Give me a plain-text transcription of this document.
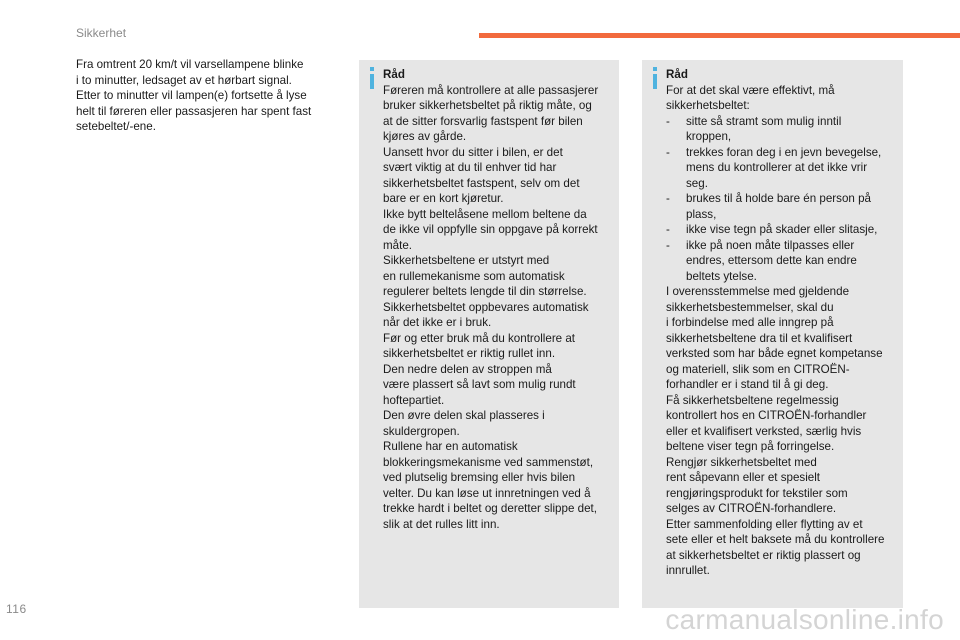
Sikkerhet

Fra omtrent 20 km/t vil varsellampene blinke

i to minutter, ledsaget av et hørbart signal.

Etter to minutter vil lampen(e) fortsette å lyse

helt til føreren eller passasjeren har spent fast

setebeltet/-ene.

Råd

Føreren må kontrollere at alle passasjerer

bruker sikkerhetsbeltet på riktig måte, og

at de sitter forsvarlig fastspent før bilen

kjøres av gårde.

Uansett hvor du sitter i bilen, er det

svært viktig at du til enhver tid har

sikkerhetsbeltet fastspent, selv om det

bare er en kort kjøretur.

Ikke bytt beltelåsene mellom beltene da

de ikke vil oppfylle sin oppgave på korrekt

måte.

Sikkerhetsbeltene er utstyrt med

en rullemekanisme som automatisk

regulerer beltets lengde til din størrelse.

Sikkerhetsbeltet oppbevares automatisk

når det ikke er i bruk.

Før og etter bruk må du kontrollere at

sikkerhetsbeltet er riktig rullet inn.

Den nedre delen av stroppen må

være plassert så lavt som mulig rundt

hoftepartiet.

Den øvre delen skal plasseres i

skuldergropen.

Rullene har en automatisk

blokkeringsmekanisme ved sammenstøt,

ved plutselig bremsing eller hvis bilen

velter. Du kan løse ut innretningen ved å

trekke hardt i beltet og deretter slippe det,

slik at det rulles litt inn.

Råd

For at det skal være effektivt, må

sikkerhetsbeltet:

- sitte så stramt som mulig inntil
kroppen,
- trekkes foran deg i en jevn bevegelse,
mens du kontrollerer at det ikke vrir
seg.
- brukes til å holde bare én person på
plass,
- ikke vise tegn på skader eller slitasje,
- ikke på noen måte tilpasses eller
endres, ettersom dette kan endre
beltets ytelse.

I overensstemmelse med gjeldende

sikkerhetsbestemmelser, skal du

i forbindelse med alle inngrep på

sikkerhetsbeltene dra til et kvalifisert

verksted som har både egnet kompetanse

og materiell, slik som en CITROËN-

forhandler er i stand til å gi deg.

Få sikkerhetsbeltene regelmessig

kontrollert hos en CITROËN-forhandler

eller et kvalifisert verksted, særlig hvis

beltene viser tegn på forringelse.

Rengjør sikkerhetsbeltet med

rent såpevann eller et spesielt

rengjøringsprodukt for tekstiler som

selges av CITROËN-forhandlere.

Etter sammenfolding eller flytting av et

sete eller et helt baksete må du kontrollere

at sikkerhetsbeltet er riktig plassert og

innrullet.

116	carmanualsonline.info
